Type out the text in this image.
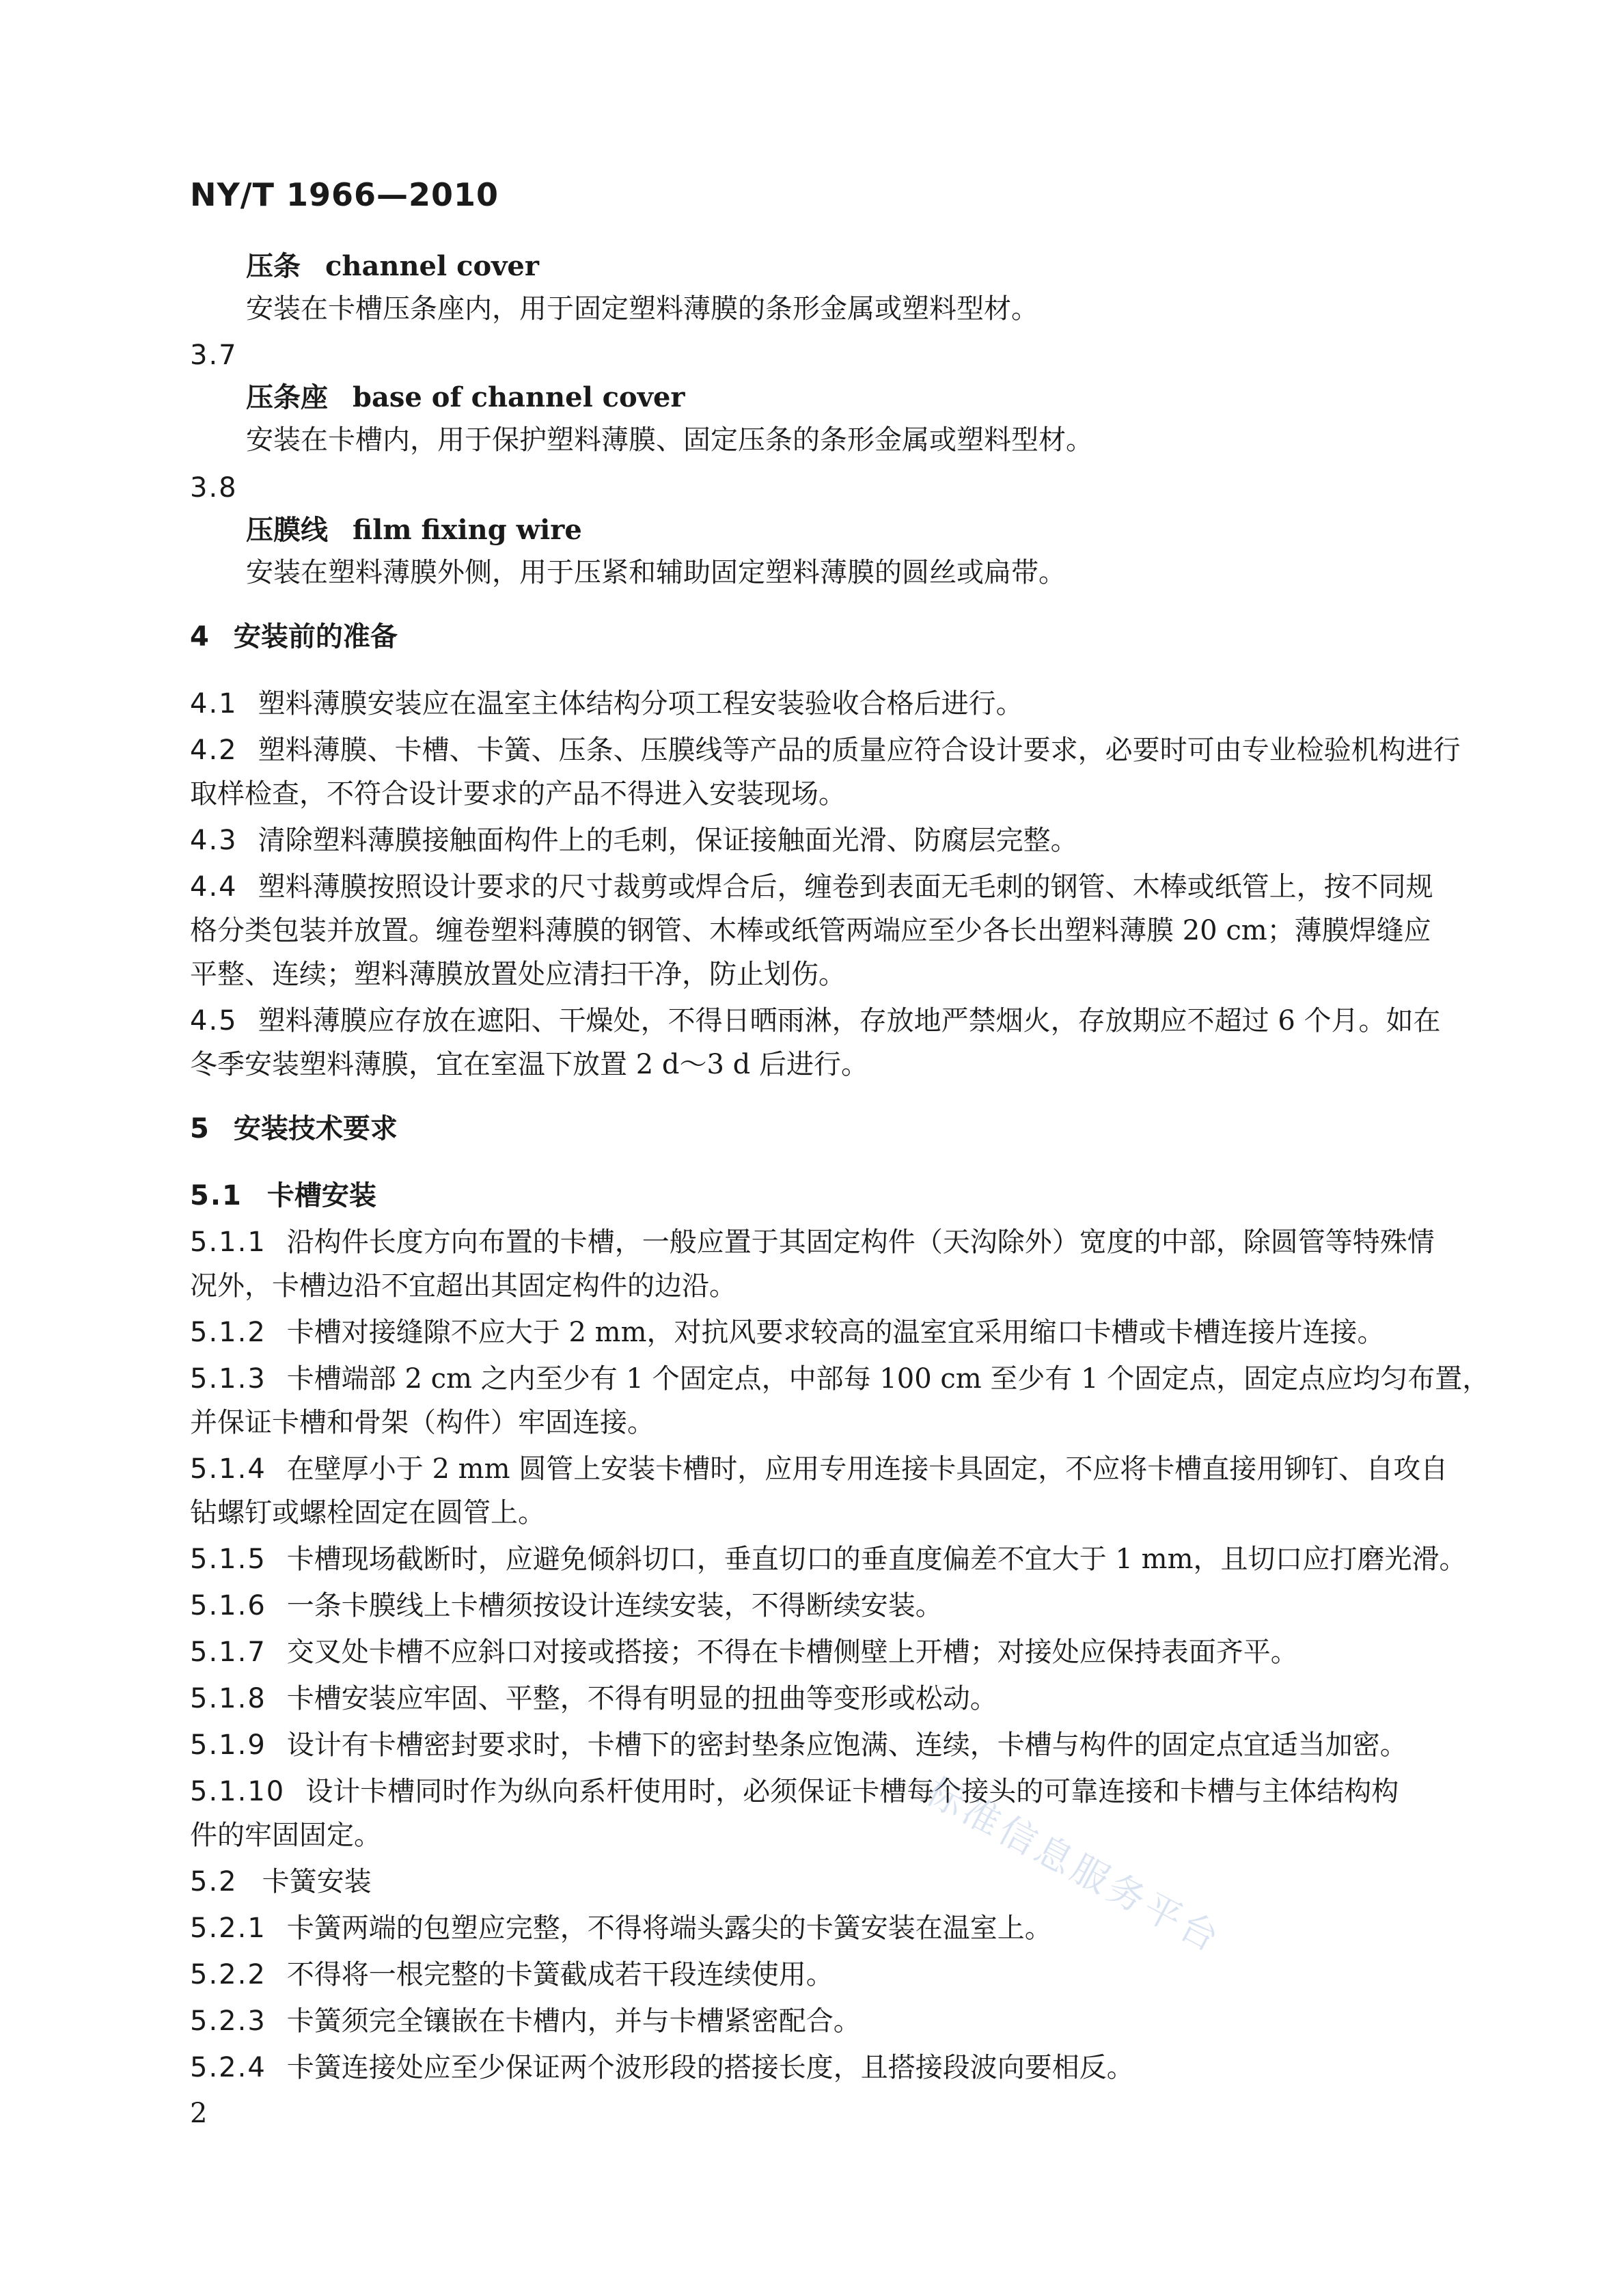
NY/T 1966—2010
压条 channel cover
安装在卡槽压条座内，用于固定塑料薄膜的条形金属或塑料型材。
3.7
压条座 base of channel cover
安装在卡槽内，用于保护塑料薄膜、固定压条的条形金属或塑料型材。
3.8
压膜线 film fixing wire
安装在塑料薄膜外侧，用于压紧和辅助固定塑料薄膜的圆丝或扁带。
4 安装前的准备
4.1 塑料薄膜安装应在温室主体结构分项工程安装验收合格后进行。
4.2 塑料薄膜、卡槽、卡簧、压条、压膜线等产品的质量应符合设计要求，必要时可由专业检验机构进行
取样检查，不符合设计要求的产品不得进入安装现场。
4.3 清除塑料薄膜接触面构件上的毛刺，保证接触面光滑、防腐层完整。
4.4 塑料薄膜按照设计要求的尺寸裁剪或焊合后，缠卷到表面无毛刺的钢管、木棒或纸管上，按不同规
格分类包装并放置。缠卷塑料薄膜的钢管、木棒或纸管两端应至少各长出塑料薄膜 20 cm；薄膜焊缝应
平整、连续；塑料薄膜放置处应清扫干净，防止划伤。
4.5 塑料薄膜应存放在遮阳、干燥处，不得日晒雨淋，存放地严禁烟火，存放期应不超过 6 个月。如在
冬季安装塑料薄膜，宜在室温下放置 2 d～3 d 后进行。
5 安装技术要求
5.1 卡槽安装
5.1.1 沿构件长度方向布置的卡槽，一般应置于其固定构件（天沟除外）宽度的中部，除圆管等特殊情
况外，卡槽边沿不宜超出其固定构件的边沿。
5.1.2 卡槽对接缝隙不应大于 2 mm，对抗风要求较高的温室宜采用缩口卡槽或卡槽连接片连接。
5.1.3 卡槽端部 2 cm 之内至少有 1 个固定点，中部每 100 cm 至少有 1 个固定点，固定点应均匀布置，
并保证卡槽和骨架（构件）牢固连接。
5.1.4 在壁厚小于 2 mm 圆管上安装卡槽时，应用专用连接卡具固定，不应将卡槽直接用铆钉、自攻自
钻螺钉或螺栓固定在圆管上。
5.1.5 卡槽现场截断时，应避免倾斜切口，垂直切口的垂直度偏差不宜大于 1 mm，且切口应打磨光滑。
5.1.6 一条卡膜线上卡槽须按设计连续安装，不得断续安装。
5.1.7 交叉处卡槽不应斜口对接或搭接；不得在卡槽侧壁上开槽；对接处应保持表面齐平。
5.1.8 卡槽安装应牢固、平整，不得有明显的扭曲等变形或松动。
5.1.9 设计有卡槽密封要求时，卡槽下的密封垫条应饱满、连续，卡槽与构件的固定点宜适当加密。
5.1.10 设计卡槽同时作为纵向系杆使用时，必须保证卡槽每个接头的可靠连接和卡槽与主体结构构
件的牢固固定。
5.2 卡簧安装
5.2.1 卡簧两端的包塑应完整，不得将端头露尖的卡簧安装在温室上。
5.2.2 不得将一根完整的卡簧截成若干段连续使用。
5.2.3 卡簧须完全镶嵌在卡槽内，并与卡槽紧密配合。
5.2.4 卡簧连接处应至少保证两个波形段的搭接长度，且搭接段波向要相反。
标准信息服务平台
2
